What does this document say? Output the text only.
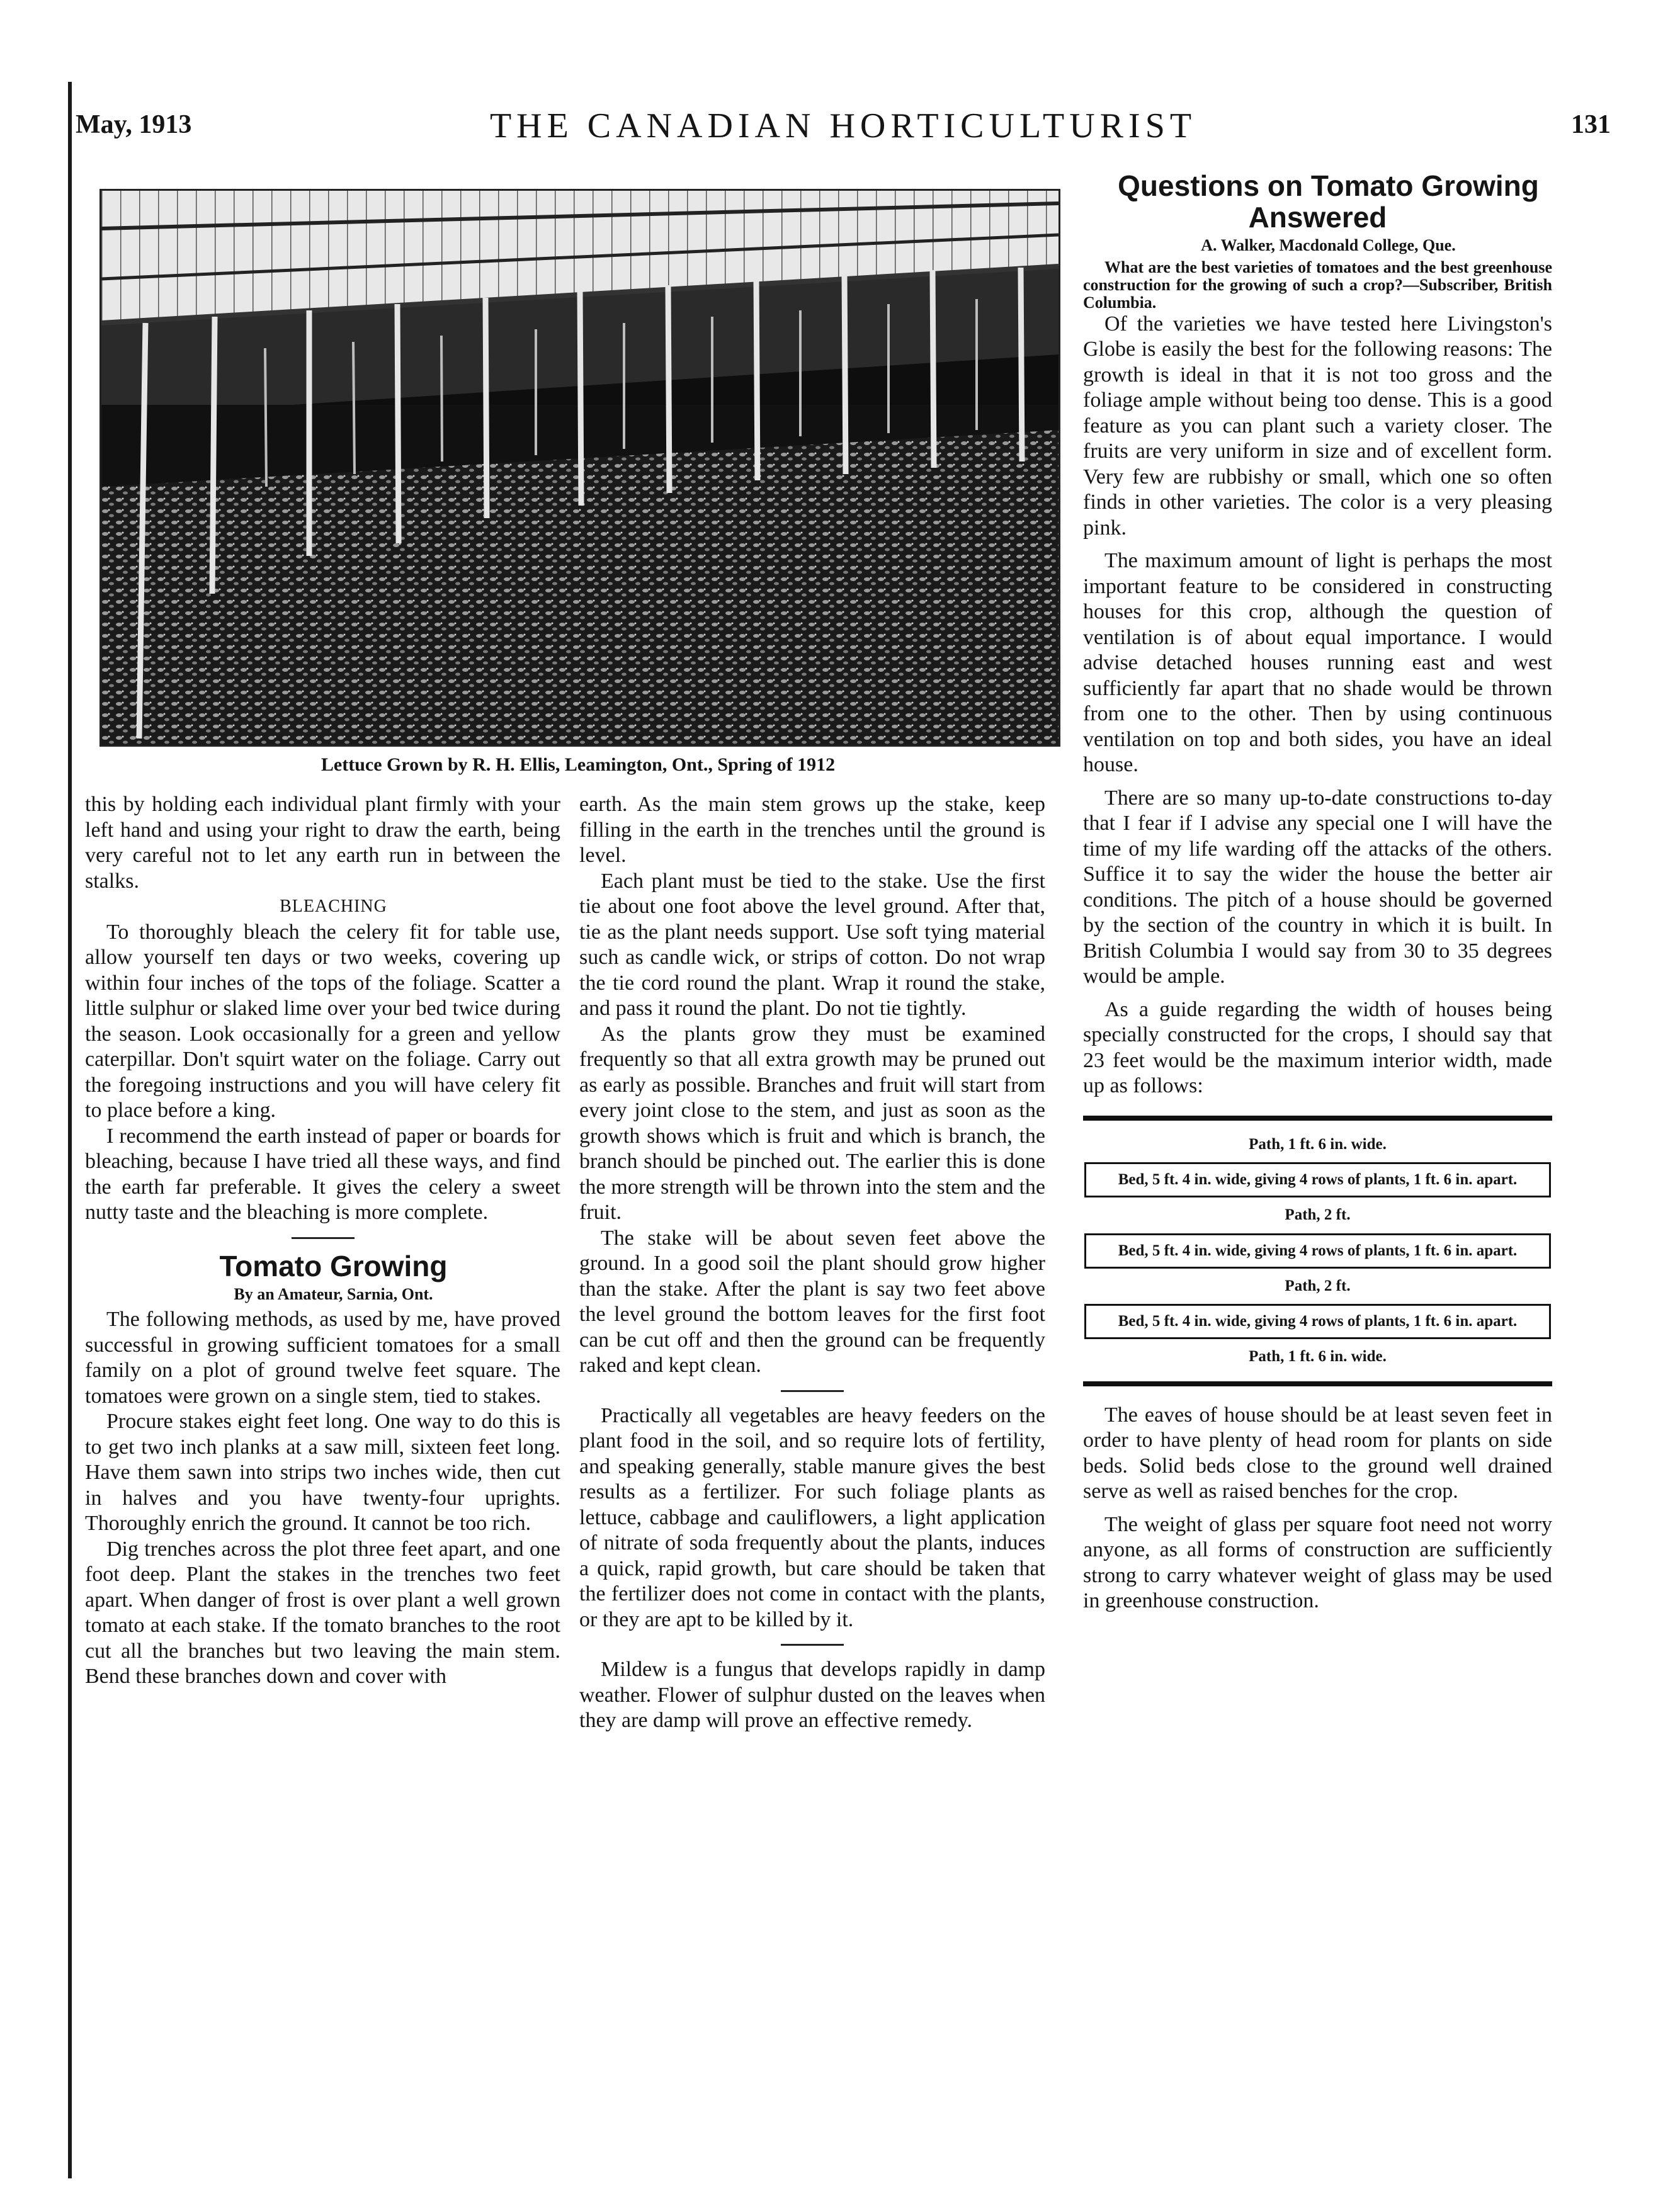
May, 1913	THE CANADIAN HORTICULTURIST	131
Lettuce Grown by R. H. Ellis, Leamington, Ont., Spring of 1912

this by holding each individual plant firmly with your left hand and using your right to draw the earth, being very careful not to let any earth run in between the stalks.

BLEACHING

To thoroughly bleach the celery fit for table use, allow yourself ten days or two weeks, covering up within four inches of the tops of the foliage. Scatter a little sulphur or slaked lime over your bed twice during the season. Look occasionally for a green and yellow caterpillar. Don't squirt water on the foliage. Carry out the foregoing instructions and you will have celery fit to place before a king.

I recommend the earth instead of paper or boards for bleaching, because I have tried all these ways, and find the earth far preferable. It gives the celery a sweet nutty taste and the bleaching is more complete.

Tomato Growing

By an Amateur, Sarnia, Ont.

The following methods, as used by me, have proved successful in growing sufficient tomatoes for a small family on a plot of ground twelve feet square. The tomatoes were grown on a single stem, tied to stakes.

Procure stakes eight feet long. One way to do this is to get two inch planks at a saw mill, sixteen feet long. Have them sawn into strips two inches wide, then cut in halves and you have twenty-four uprights. Thoroughly enrich the ground. It cannot be too rich.

Dig trenches across the plot three feet apart, and one foot deep. Plant the stakes in the trenches two feet apart. When danger of frost is over plant a well grown tomato at each stake. If the tomato branches to the root cut all the branches but two leaving the main stem. Bend these branches down and cover with

earth. As the main stem grows up the stake, keep filling in the earth in the trenches until the ground is level.

Each plant must be tied to the stake. Use the first tie about one foot above the level ground. After that, tie as the plant needs support. Use soft tying material such as candle wick, or strips of cotton. Do not wrap the tie cord round the plant. Wrap it round the stake, and pass it round the plant. Do not tie tightly.

As the plants grow they must be examined frequently so that all extra growth may be pruned out as early as possible. Branches and fruit will start from every joint close to the stem, and just as soon as the growth shows which is fruit and which is branch, the branch should be pinched out. The earlier this is done the more strength will be thrown into the stem and the fruit.

The stake will be about seven feet above the ground. In a good soil the plant should grow higher than the stake. After the plant is say two feet above the level ground the bottom leaves for the first foot can be cut off and then the ground can be frequently raked and kept clean.

Practically all vegetables are heavy feeders on the plant food in the soil, and so require lots of fertility, and speaking generally, stable manure gives the best results as a fertilizer. For such foliage plants as lettuce, cabbage and cauliflowers, a light application of nitrate of soda frequently about the plants, induces a quick, rapid growth, but care should be taken that the fertilizer does not come in contact with the plants, or they are apt to be killed by it.

Mildew is a fungus that develops rapidly in damp weather. Flower of sulphur dusted on the leaves when they are damp will prove an effective remedy.

Questions on Tomato Growing Answered

A. Walker, Macdonald College, Que.

What are the best varieties of tomatoes and the best greenhouse construction for the growing of such a crop?—Subscriber, British Columbia.

Of the varieties we have tested here Livingston's Globe is easily the best for the following reasons: The growth is ideal in that it is not too gross and the foliage ample without being too dense. This is a good feature as you can plant such a variety closer. The fruits are very uniform in size and of excellent form. Very few are rubbishy or small, which one so often finds in other varieties. The color is a very pleasing pink.

The maximum amount of light is perhaps the most important feature to be considered in constructing houses for this crop, although the question of ventilation is of about equal importance. I would advise detached houses running east and west sufficiently far apart that no shade would be thrown from one to the other. Then by using continuous ventilation on top and both sides, you have an ideal house.

There are so many up-to-date constructions to-day that I fear if I advise any special one I will have the time of my life warding off the attacks of the others. Suffice it to say the wider the house the better air conditions. The pitch of a house should be governed by the section of the country in which it is built. In British Columbia I would say from 30 to 35 degrees would be ample.

As a guide regarding the width of houses being specially constructed for the crops, I should say that 23 feet would be the maximum interior width, made up as follows:

Path, 1 ft. 6 in. wide.
Bed, 5 ft. 4 in. wide, giving 4 rows of plants, 1 ft. 6 in. apart.
Path, 2 ft.
Bed, 5 ft. 4 in. wide, giving 4 rows of plants, 1 ft. 6 in. apart.
Path, 2 ft.
Bed, 5 ft. 4 in. wide, giving 4 rows of plants, 1 ft. 6 in. apart.
Path, 1 ft. 6 in. wide.

The eaves of house should be at least seven feet in order to have plenty of head room for plants on side beds. Solid beds close to the ground well drained serve as well as raised benches for the crop.

The weight of glass per square foot need not worry anyone, as all forms of construction are sufficiently strong to carry whatever weight of glass may be used in greenhouse construction.
